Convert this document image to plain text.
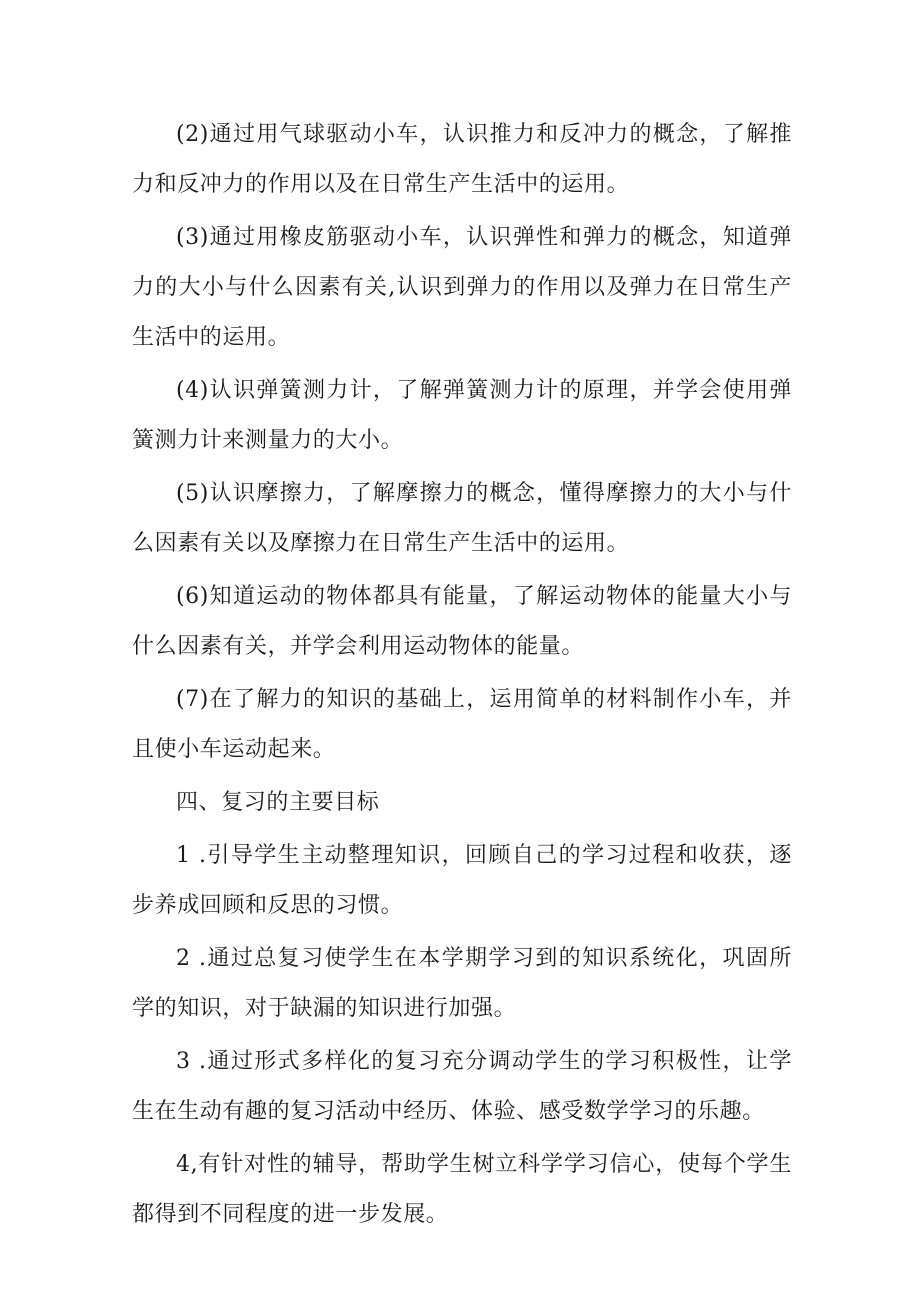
(2)通过用气球驱动小车，认识推力和反冲力的概念，了解推力和反冲力的作用以及在日常生产生活中的运用。

(3)通过用橡皮筋驱动小车，认识弹性和弹力的概念，知道弹力的大小与什么因素有关,认识到弹力的作用以及弹力在日常生产生活中的运用。

(4)认识弹簧测力计，了解弹簧测力计的原理，并学会使用弹簧测力计来测量力的大小。

(5)认识摩擦力，了解摩擦力的概念，懂得摩擦力的大小与什么因素有关以及摩擦力在日常生产生活中的运用。

(6)知道运动的物体都具有能量，了解运动物体的能量大小与什么因素有关，并学会利用运动物体的能量。

(7)在了解力的知识的基础上，运用简单的材料制作小车，并且使小车运动起来。

四、复习的主要目标

1 .引导学生主动整理知识，回顾自己的学习过程和收获，逐步养成回顾和反思的习惯。

2 .通过总复习使学生在本学期学习到的知识系统化，巩固所学的知识，对于缺漏的知识进行加强。

3 .通过形式多样化的复习充分调动学生的学习积极性，让学生在生动有趣的复习活动中经历、体验、感受数学学习的乐趣。

4,有针对性的辅导，帮助学生树立科学学习信心，使每个学生都得到不同程度的进一步发展。
